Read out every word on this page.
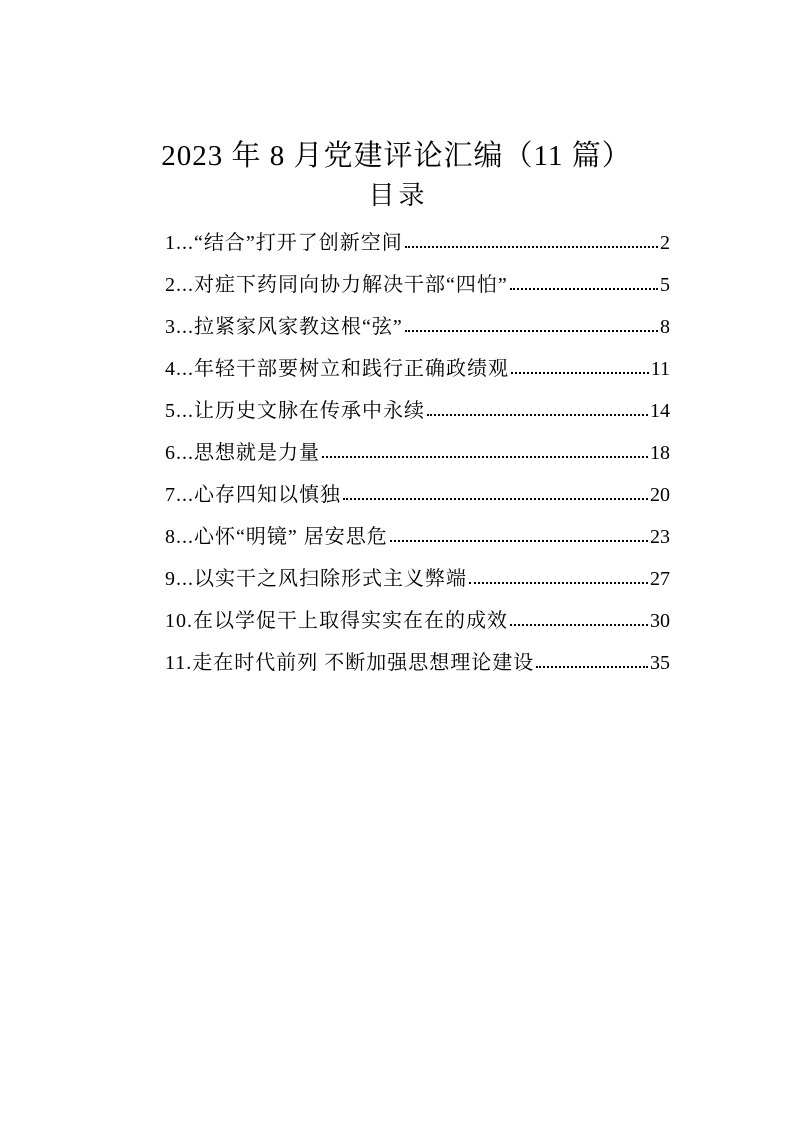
2023 年 8 月党建评论汇编（11 篇）
目录
1...“结合”打开了创新空间	2
2...对症下药同向协力解决干部“四怕”	5
3...拉紧家风家教这根“弦”	8
4...年轻干部要树立和践行正确政绩观	11
5...让历史文脉在传承中永续	14
6...思想就是力量	18
7...心存四知以慎独	20
8...心怀“明镜” 居安思危	23
9...以实干之风扫除形式主义弊端	27
10.在以学促干上取得实实在在的成效	30
11.走在时代前列 不断加强思想理论建设	35
